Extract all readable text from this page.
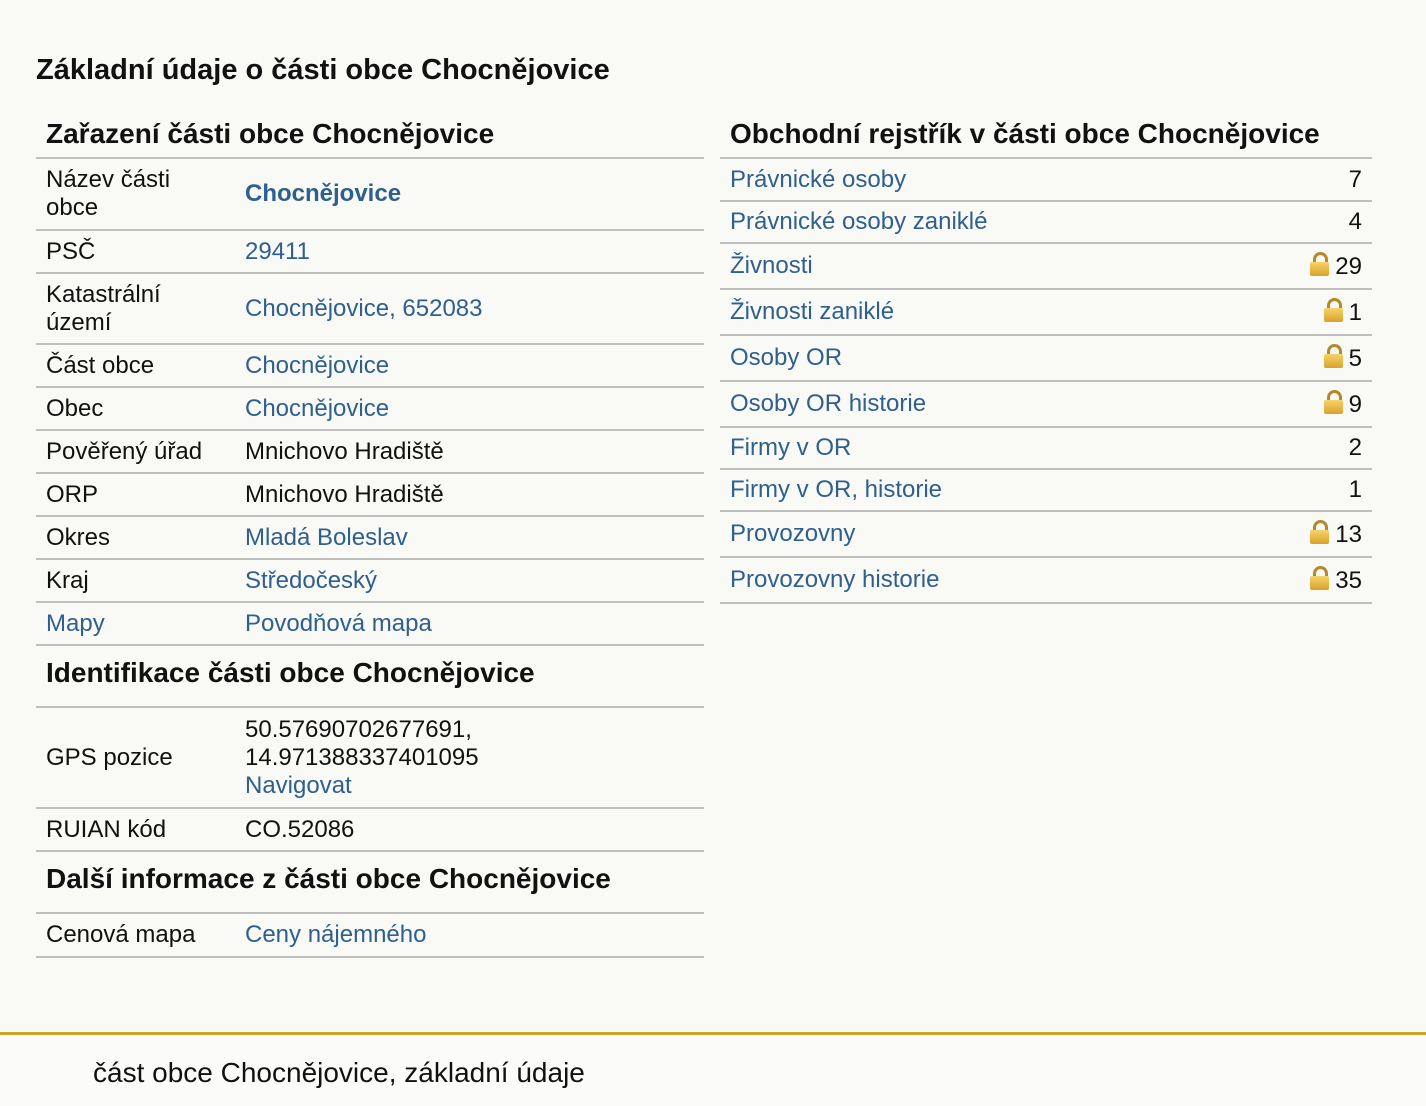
Základní údaje o části obce Chocnějovice
Zařazení části obce Chocnějovice
Název části obce	Chocnějovice
PSČ	29411
Katastrální území	Chocnějovice, 652083
Část obce	Chocnějovice
Obec	Chocnějovice
Pověřený úřad	Mnichovo Hradiště
ORP	Mnichovo Hradiště
Okres	Mladá Boleslav
Kraj	Středočeský
Mapy	Povodňová mapa
Identifikace části obce Chocnějovice
GPS pozice	50.57690702677691, 14.971388337401095
Navigovat
RUIAN kód	CO.52086
Další informace z části obce Chocnějovice
Cenová mapa	Ceny nájemného
Obchodní rejstřík v části obce Chocnějovice
Právnické osoby	7
Právnické osoby zaniklé	4
Živnosti	29
Živnosti zaniklé	1
Osoby OR	5
Osoby OR historie	9
Firmy v OR	2
Firmy v OR, historie	1
Provozovny	13
Provozovny historie	35
část obce Chocnějovice, základní údaje
